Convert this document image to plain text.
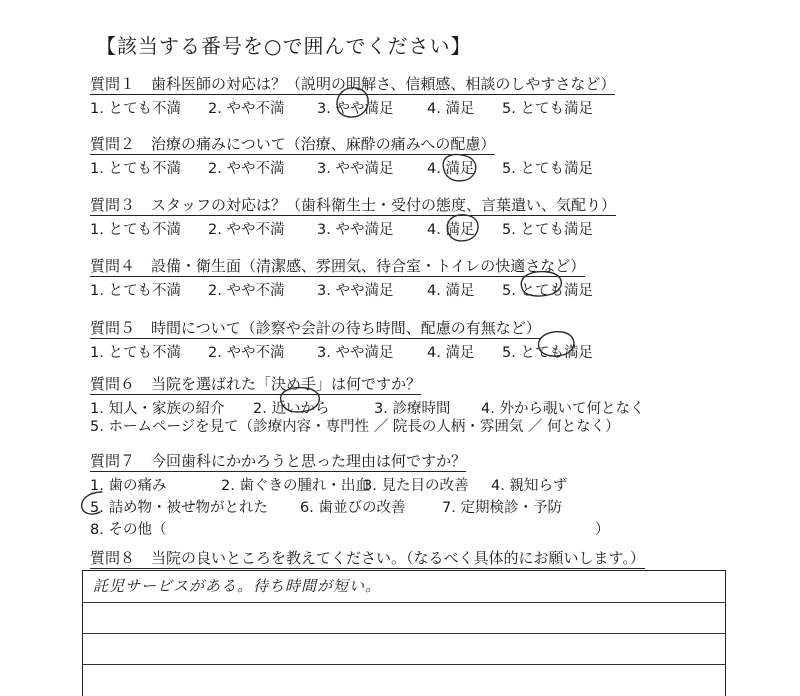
【該当する番号を○で囲んでください】
質問１ 歯科医師の対応は？（説明の明解さ、信頼感、相談のしやすさなど）
1. とても不満 2. やや不満 3. やや満足 4. 満足 5. とても満足
質問２ 治療の痛みについて（治療、麻酔の痛みへの配慮）
1. とても不満 2. やや不満 3. やや満足 4. 満足 5. とても満足
質問３ スタッフの対応は？（歯科衛生士・受付の態度、言葉遣い、気配り）
1. とても不満 2. やや不満 3. やや満足 4. 満足 5. とても満足
質問４ 設備・衛生面（清潔感、雰囲気、待合室・トイレの快適さなど）
1. とても不満 2. やや不満 3. やや満足 4. 満足 5. とても満足
質問５ 時間について（診察や会計の待ち時間、配慮の有無など）
1. とても不満 2. やや不満 3. やや満足 4. 満足 5. とても満足
質問６ 当院を選ばれた「決め手」は何ですか？
1. 知人・家族の紹介 2. 近いから	3. 診療時間 4. 外から覗いて何となく
5. ホームページを見て（診療内容・専門性 ／ 院長の人柄・雰囲気 ／ 何となく）
質問７ 今回歯科にかかろうと思った理由は何ですか？
1. 歯の痛み	2. 歯ぐきの腫れ・出血
3. 見た目の改善 4. 親知らず
5. 詰め物・被せ物がとれた 6. 歯並びの改善	7. 定期検診・予防
8. その他（	）
質問８ 当院の良いところを教えてください。（なるべく具体的にお願いします。）
託児サービスがある。待ち時間が短い。
